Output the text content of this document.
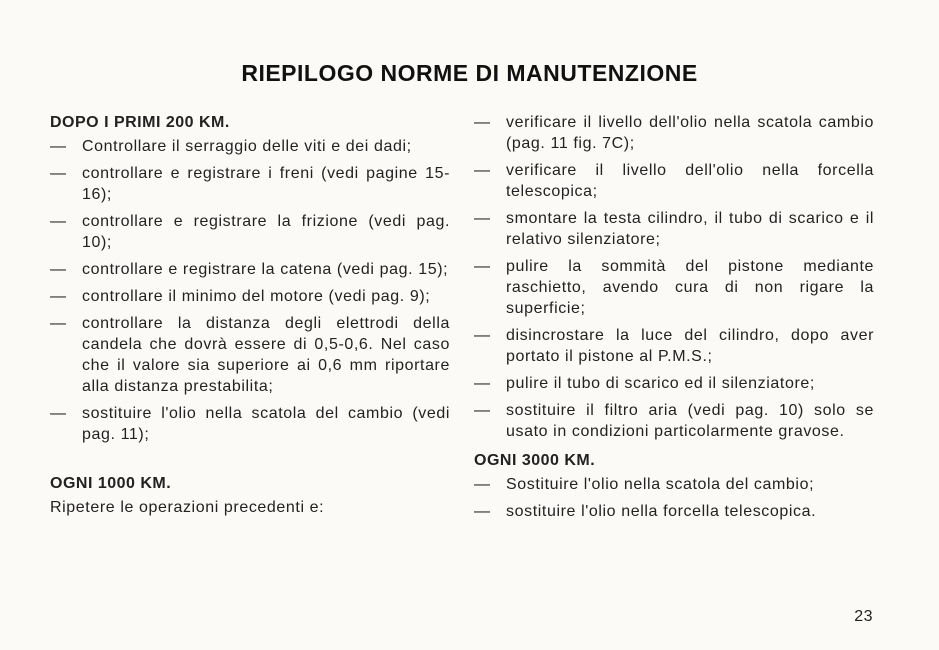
RIEPILOGO NORME DI MANUTENZIONE
DOPO I PRIMI 200 KM.
— Controllare il serraggio delle viti e dei dadi;
— controllare e registrare i freni (vedi pagine 15-16);
— controllare e registrare la frizione (vedi pag. 10);
— controllare e registrare la catena (vedi pag. 15);
— controllare il minimo del motore (vedi pag. 9);
— controllare la distanza degli elettrodi della candela che dovrà essere di 0,5-0,6. Nel caso che il valore sia superiore ai 0,6 mm riportare alla distanza prestabilita;
— sostituire l'olio nella scatola del cambio (vedi pag. 11);
OGNI 1000 KM.

Ripetere le operazioni precedenti e:

— verificare il livello dell'olio nella scatola cambio (pag. 11 fig. 7C);
— verificare il livello dell'olio nella forcella telescopica;
— smontare la testa cilindro, il tubo di scarico e il relativo silenziatore;
— pulire la sommità del pistone mediante raschietto, avendo cura di non rigare la superficie;
— disincrostare la luce del cilindro, dopo aver portato il pistone al P.M.S.;
— pulire il tubo di scarico ed il silenziatore;
— sostituire il filtro aria (vedi pag. 10) solo se usato in condizioni particolarmente gravose.
OGNI 3000 KM.
— Sostituire l'olio nella scatola del cambio;
— sostituire l'olio nella forcella telescopica.
23
